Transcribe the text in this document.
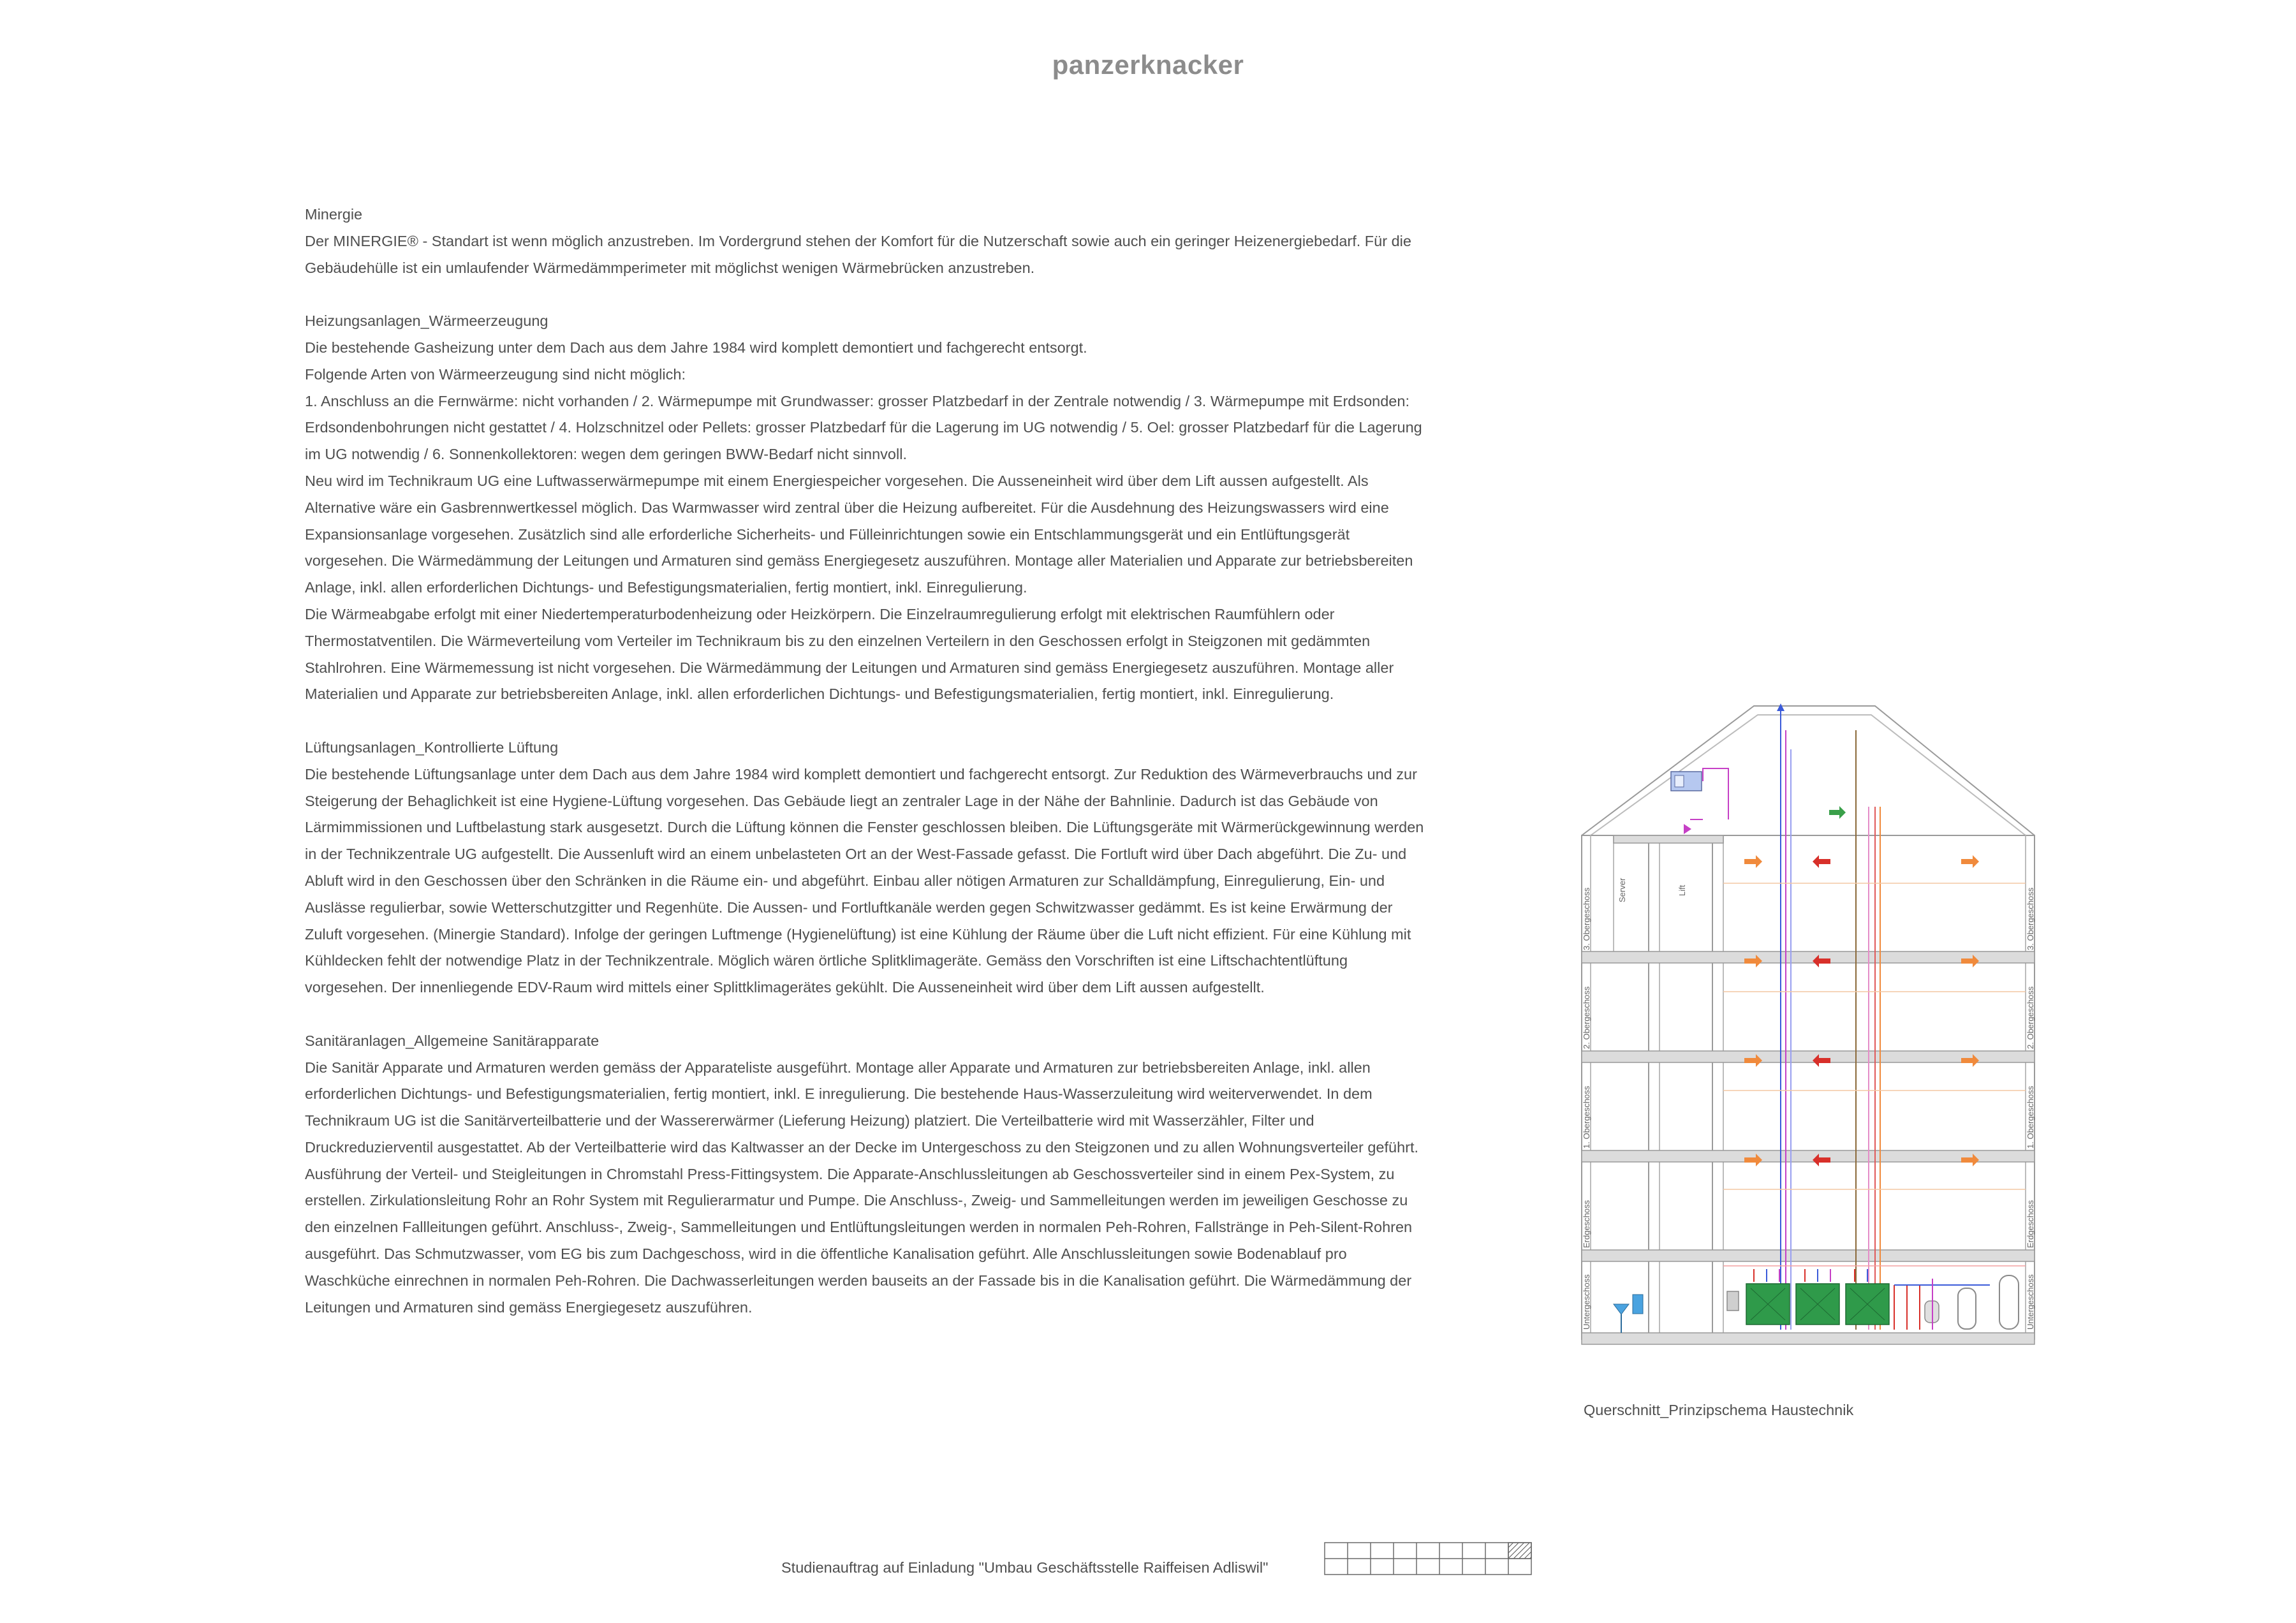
panzerknacker
Minergie

Der MINERGIE® - Standart ist wenn möglich anzustreben. Im Vordergrund stehen der Komfort für die Nutzerschaft sowie auch ein geringer Heizenergiebedarf. Für die Gebäudehülle ist ein umlaufender Wärmedämmperimeter mit möglichst wenigen Wärmebrücken anzustreben.

Heizungsanlagen_Wärmeerzeugung

Die bestehende Gasheizung unter dem Dach aus dem Jahre 1984 wird komplett demontiert und fachgerecht entsorgt.

Folgende Arten von Wärmeerzeugung sind nicht möglich:

1. Anschluss an die Fernwärme: nicht vorhanden / 2. Wärmepumpe mit Grundwasser: grosser Platzbedarf in der Zentrale notwendig / 3. Wärmepumpe mit Erdsonden: Erdsondenbohrungen nicht gestattet / 4. Holzschnitzel oder Pellets: grosser Platzbedarf für die Lagerung im UG notwendig / 5. Oel: grosser Platzbedarf für die Lagerung im UG notwendig / 6. Sonnenkollektoren: wegen dem geringen BWW-Bedarf nicht sinnvoll.

Neu wird im Technikraum UG eine Luftwasserwärmepumpe mit einem Energiespeicher vorgesehen. Die Ausseneinheit wird über dem Lift aussen aufgestellt. Als Alternative wäre ein Gasbrennwertkessel möglich. Das Warmwasser wird zentral über die Heizung aufbereitet. Für die Ausdehnung des Heizungswassers wird eine Expansionsanlage vorgesehen. Zusätzlich sind alle erforderliche Sicherheits- und Fülleinrichtungen sowie ein Entschlammungsgerät und ein Entlüftungsgerät vorgesehen. Die Wärmedämmung der Leitungen und Armaturen sind gemäss Energiegesetz auszuführen. Montage aller Materialien und Apparate zur betriebsbereiten Anlage, inkl. allen erforderlichen Dichtungs- und Befestigungsmaterialien, fertig montiert, inkl. Einregulierung.

Die Wärmeabgabe erfolgt mit einer Niedertemperaturbodenheizung oder Heizkörpern. Die Einzelraumregulierung erfolgt mit elektrischen Raumfühlern oder Thermostatventilen. Die Wärmeverteilung vom Verteiler im Technikraum bis zu den einzelnen Verteilern in den Geschossen erfolgt in Steigzonen mit gedämmten Stahlrohren. Eine Wärmemessung ist nicht vorgesehen. Die Wärmedämmung der Leitungen und Armaturen sind gemäss Energiegesetz auszuführen. Montage aller Materialien und Apparate zur betriebsbereiten Anlage, inkl. allen erforderlichen Dichtungs- und Befestigungsmaterialien, fertig montiert, inkl. Einregulierung.

Lüftungsanlagen_Kontrollierte Lüftung

Die bestehende Lüftungsanlage unter dem Dach aus dem Jahre 1984 wird komplett demontiert und fachgerecht entsorgt. Zur Reduktion des Wärmeverbrauchs und zur Steigerung der Behaglichkeit ist eine Hygiene-Lüftung vorgesehen. Das Gebäude liegt an zentraler Lage in der Nähe der Bahnlinie. Dadurch ist das Gebäude von Lärmimmissionen und Luftbelastung stark ausgesetzt. Durch die Lüftung können die Fenster geschlossen bleiben. Die Lüftungsgeräte mit Wärmerückgewinnung werden in der Technikzentrale UG aufgestellt. Die Aussenluft wird an einem unbelasteten Ort an der West-Fassade gefasst. Die Fortluft wird über Dach abgeführt. Die Zu- und Abluft wird in den Geschossen über den Schränken in die Räume ein- und abgeführt. Einbau aller nötigen Armaturen zur Schalldämpfung, Einregulierung, Ein- und Auslässe regulierbar, sowie Wetterschutzgitter und Regenhüte. Die Aussen- und Fortluftkanäle werden gegen Schwitzwasser gedämmt. Es ist keine Erwärmung der Zuluft vorgesehen. (Minergie Standard). Infolge der geringen Luftmenge (Hygienelüftung) ist eine Kühlung der Räume über die Luft nicht effizient. Für eine Kühlung mit Kühldecken fehlt der notwendige Platz in der Technikzentrale. Möglich wären örtliche Splitklimageräte. Gemäss den Vorschriften ist eine Liftschachtentlüftung vorgesehen. Der innenliegende EDV-Raum wird mittels einer Splittklimagerätes gekühlt. Die Ausseneinheit wird über dem Lift aussen aufgestellt.

Sanitäranlagen_Allgemeine Sanitärapparate

Die Sanitär Apparate und Armaturen werden gemäss der Apparateliste ausgeführt. Montage aller Apparate und Armaturen zur betriebsbereiten Anlage, inkl. allen erforderlichen Dichtungs- und Befestigungsmaterialien, fertig montiert, inkl. E inregulierung. Die bestehende Haus-Wasserzuleitung wird weiterverwendet. In dem Technikraum UG ist die Sanitärverteilbatterie und der Wassererwärmer (Lieferung Heizung) platziert. Die Verteilbatterie wird mit Wasserzähler, Filter und Druckreduzierventil ausgestattet. Ab der Verteilbatterie wird das Kaltwasser an der Decke im Untergeschoss zu den Steigzonen und zu allen Wohnungsverteiler geführt. Ausführung der Verteil- und Steigleitungen in Chromstahl Press-Fittingsystem. Die Apparate-Anschlussleitungen ab Geschossverteiler sind in einem Pex-System, zu erstellen. Zirkulationsleitung Rohr an Rohr System mit Regulierarmatur und Pumpe. Die Anschluss-, Zweig- und Sammelleitungen werden im jeweiligen Geschosse zu den einzelnen Fallleitungen geführt. Anschluss-, Zweig-, Sammelleitungen und Entlüftungsleitungen werden in normalen Peh-Rohren, Fallstränge in Peh-Silent-Rohren ausgeführt. Das Schmutzwasser, vom EG bis zum Dachgeschoss, wird in die öffentliche Kanalisation geführt. Alle Anschlussleitungen sowie Bodenablauf pro Waschküche einrechnen in normalen Peh-Rohren. Die Dachwasserleitungen werden bauseits an der Fassade bis in die Kanalisation geführt. Die Wärmedämmung der Leitungen und Armaturen sind gemäss Energiegesetz auszuführen.

3. Obergeschoss
2. Obergeschoss
1. Obergeschoss
Erdgeschoss
Untergeschoss
3. Obergeschoss
2. Obergeschoss
1. Obergeschoss
Erdgeschoss
Untergeschoss
Server	Lift
Querschnitt_Prinzipschema Haustechnik
Studienauftrag auf Einladung "Umbau Geschäftsstelle Raiffeisen Adliswil"
